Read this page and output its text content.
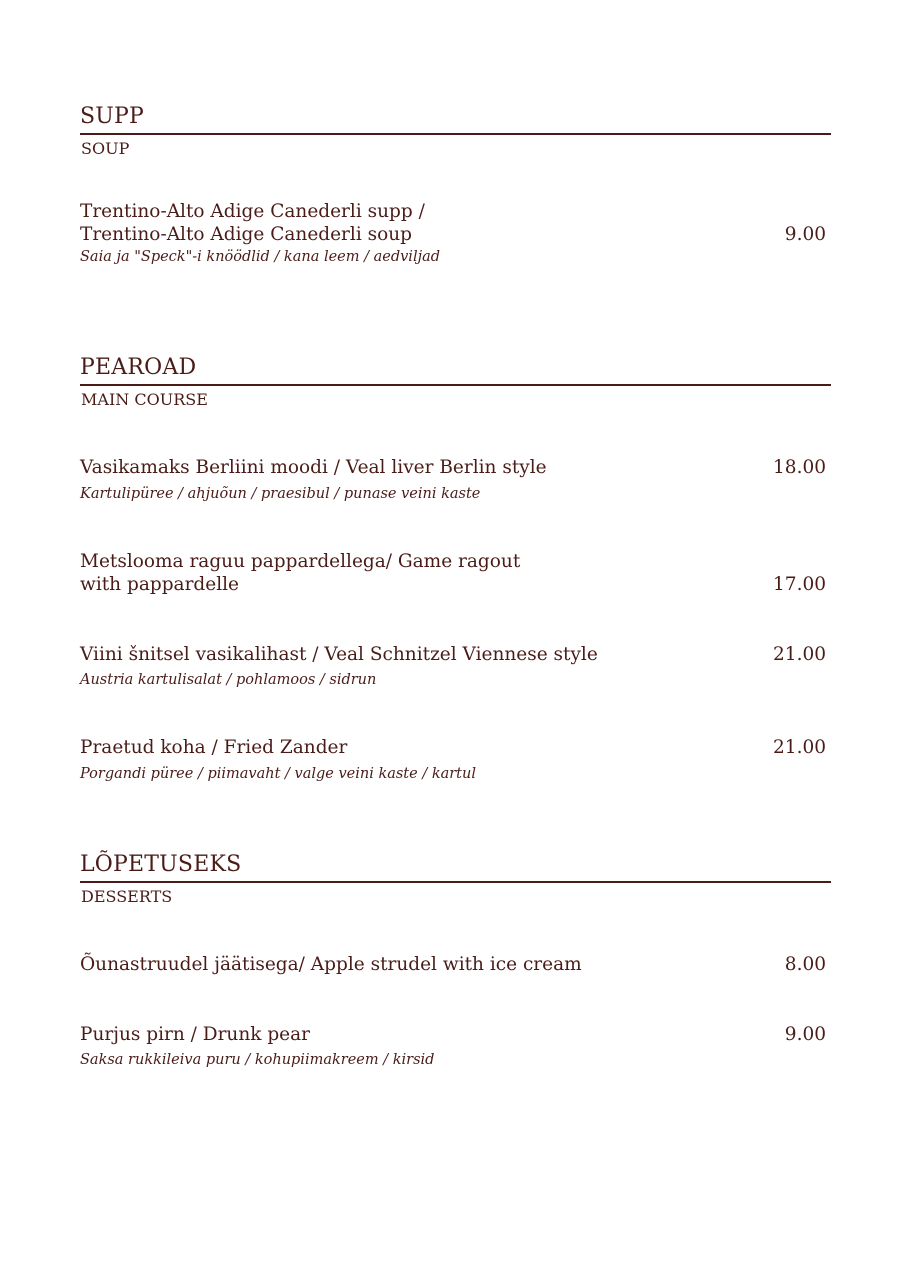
SUPP
SOUP
Trentino-Alto Adige Canederli supp /
Trentino-Alto Adige Canederli soup
Saia ja "Speck"-i knöödlid / kana leem / aedviljad
9.00
PEAROAD
MAIN COURSE
Vasikamaks Berliini moodi / Veal liver Berlin style
Kartulipüree / ahjuõun / praesibul / punase veini kaste
18.00
Metslooma raguu pappardellega/ Game ragout
with pappardelle	17.00
Viini šnitsel vasikalihast / Veal Schnitzel Viennese style
Austria kartulisalat / pohlamoos / sidrun
21.00
Praetud koha / Fried Zander
Porgandi püree / piimavaht / valge veini kaste / kartul
21.00
LÕPETUSEKS
DESSERTS
Õunastruudel jäätisega/ Apple strudel with ice cream	8.00
Purjus pirn / Drunk pear
Saksa rukkileiva puru / kohupiimakreem / kirsid
9.00
